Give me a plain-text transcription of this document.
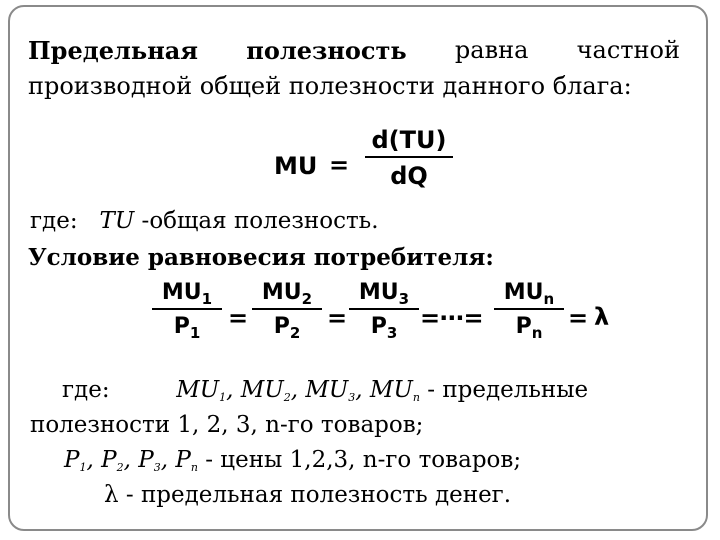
Предельная полезность равна частной
производной общей полезности данного блага:
MU =
d(TU)
dQ
где: TU -общая полезность.
Условие равновесия потребителя:
$MU_1$
$P_1$
=
$MU_2$
$P_2$
=
$MU_3$
$P_3$
=···=
$MU_n$
$P_n$
= λ
где:	MU1, MU2, MU3, MUn - предельные
полезности 1, 2, 3, n-го товаров;
P1, P2, P3, Pn - цены 1,2,3, n-го товаров;
λ - предельная полезность денег.
